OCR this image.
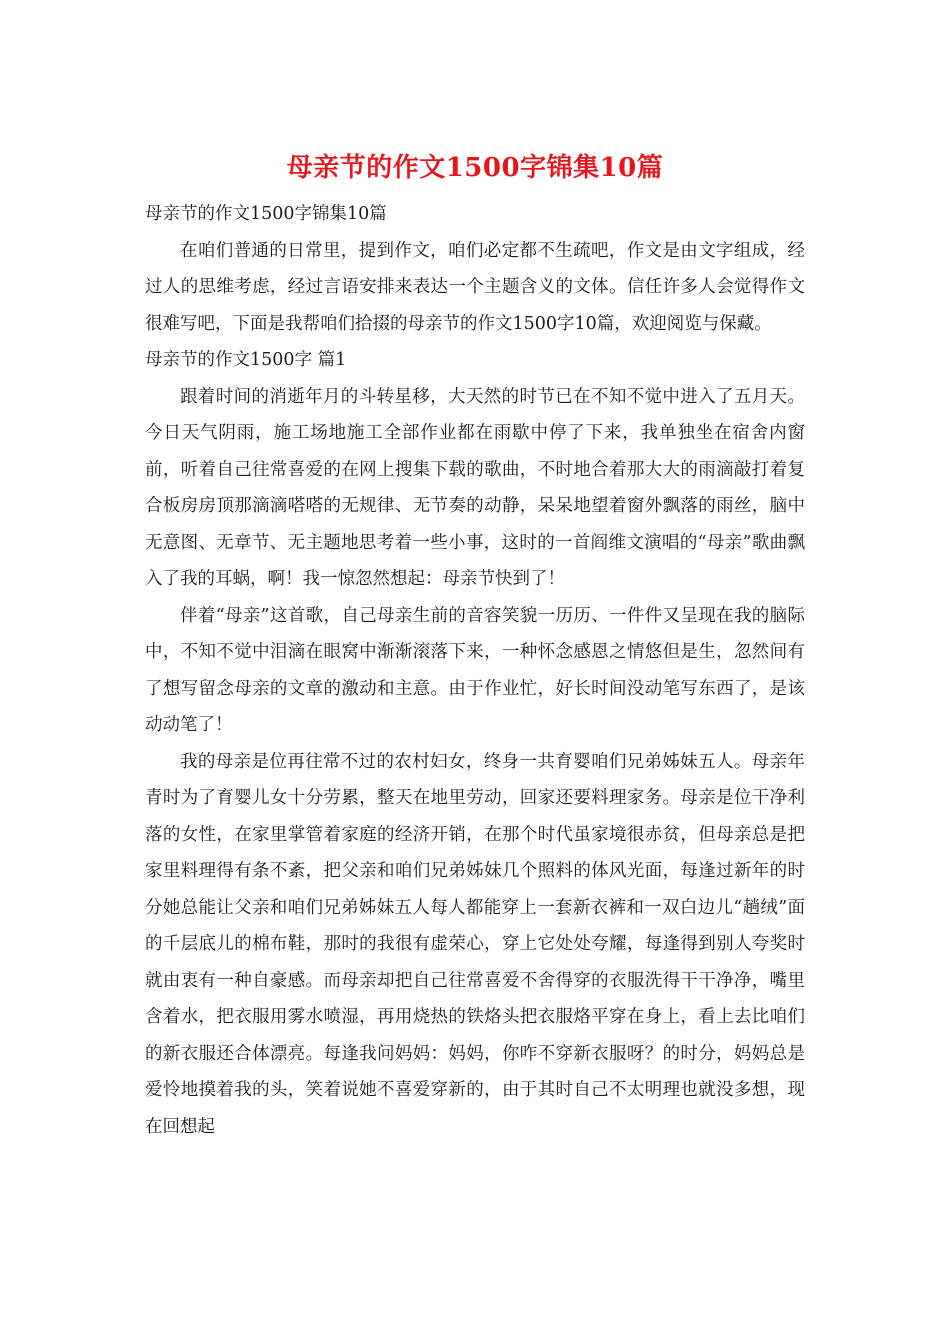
母亲节的作文1500字锦集10篇

母亲节的作文1500字锦集10篇

在咱们普通的日常里，提到作文，咱们必定都不生疏吧，作文是由文字组成，经过人的思维考虑，经过言语安排来表达一个主题含义的文体。信任许多人会觉得作文很难写吧，下面是我帮咱们拾掇的母亲节的作文1500字10篇，欢迎阅览与保藏。

母亲节的作文1500字 篇1

跟着时间的消逝年月的斗转星移，大天然的时节已在不知不觉中进入了五月天。今日天气阴雨，施工场地施工全部作业都在雨歇中停了下来，我单独坐在宿舍内窗前，听着自己往常喜爱的在网上搜集下载的歌曲，不时地合着那大大的雨滴敲打着复合板房房顶那滴滴嗒嗒的无规律、无节奏的动静，呆呆地望着窗外飘落的雨丝，脑中无意图、无章节、无主题地思考着一些小事，这时的一首阎维文演唱的“母亲”歌曲飘入了我的耳蜗，啊！我一惊忽然想起：母亲节快到了！

伴着“母亲”这首歌，自己母亲生前的音容笑貌一历历、一件件又呈现在我的脑际中，不知不觉中泪滴在眼窝中渐渐滚落下来，一种怀念感恩之情悠但是生，忽然间有了想写留念母亲的文章的激动和主意。由于作业忙，好长时间没动笔写东西了，是该动动笔了！

我的母亲是位再往常不过的农村妇女，终身一共育婴咱们兄弟姊妹五人。母亲年青时为了育婴儿女十分劳累，整天在地里劳动，回家还要料理家务。母亲是位干净利落的女性，在家里掌管着家庭的经济开销，在那个时代虽家境很赤贫，但母亲总是把家里料理得有条不紊，把父亲和咱们兄弟姊妹几个照料的体风光面，每逢过新年的时分她总能让父亲和咱们兄弟姊妹五人每人都能穿上一套新衣裤和一双白边儿“趟绒”面的千层底儿的棉布鞋，那时的我很有虚荣心，穿上它处处夸耀，每逢得到别人夸奖时就由衷有一种自豪感。而母亲却把自己往常喜爱不舍得穿的衣服洗得干干净净，嘴里含着水，把衣服用雾水喷湿，再用烧热的铁烙头把衣服烙平穿在身上，看上去比咱们的新衣服还合体漂亮。每逢我问妈妈：妈妈，你咋不穿新衣服呀？的时分，妈妈总是爱怜地摸着我的头，笑着说她不喜爱穿新的，由于其时自己不太明理也就没多想，现在回想起
